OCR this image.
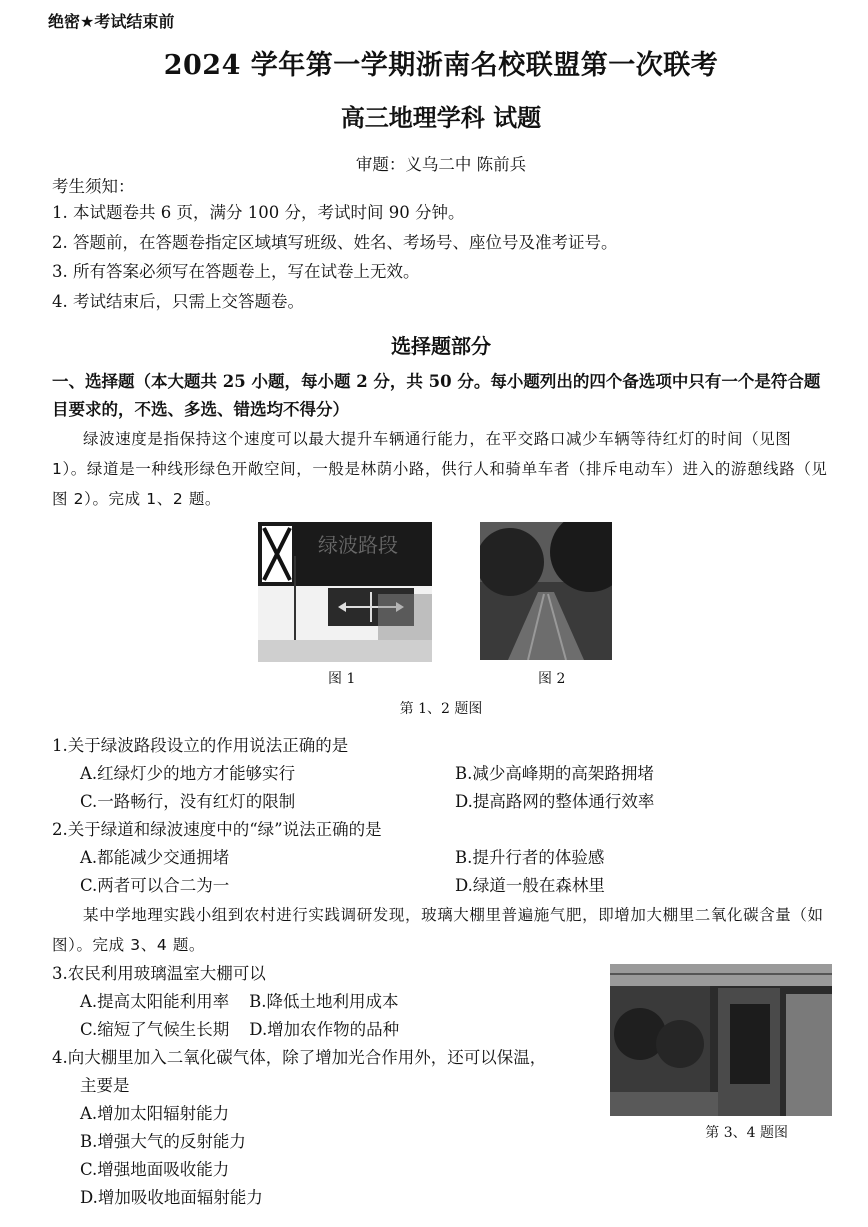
绝密★考试结束前
2024 学年第一学期浙南名校联盟第一次联考
高三地理学科 试题
审题：义乌二中 陈前兵
考生须知：
1. 本试题卷共 6 页，满分 100 分，考试时间 90 分钟。
2. 答题前，在答题卷指定区域填写班级、姓名、考场号、座位号及准考证号。
3. 所有答案必须写在答题卷上，写在试卷上无效。
4. 考试结束后，只需上交答题卷。
选择题部分
一、选择题（本大题共 25 小题，每小题 2 分，共 50 分。每小题列出的四个备选项中只有一个是符合题目要求的，不选、多选、错选均不得分）
绿波速度是指保持这个速度可以最大提升车辆通行能力，在平交路口减少车辆等待红灯的时间（见图 1）。绿道是一种线形绿色开敞空间，一般是林荫小路，供行人和骑单车者（排斥电动车）进入的游憩线路（见图 2）。完成 1、2 题。
绿波路段
图 1	图 2
第 1、2 题图
1.关于绿波路段设立的作用说法正确的是
A.红绿灯少的地方才能够实行	B.减少高峰期的高架路拥堵
C.一路畅行，没有红灯的限制	D.提高路网的整体通行效率
2.关于绿道和绿波速度中的“绿”说法正确的是
A.都能减少交通拥堵	B.提升行者的体验感
C.两者可以合二为一	D.绿道一般在森林里
某中学地理实践小组到农村进行实践调研发现，玻璃大棚里普遍施气肥，即增加大棚里二氧化碳含量（如图）。完成 3、4 题。
3.农民利用玻璃温室大棚可以
A.提高太阳能利用率 B.降低土地利用成本
C.缩短了气候生长期 D.增加农作物的品种
4.向大棚里加入二氧化碳气体，除了增加光合作用外，还可以保温，
主要是
A.增加太阳辐射能力
B.增强大气的反射能力
C.增强地面吸收能力
D.增加吸收地面辐射能力
第 3、4 题图
